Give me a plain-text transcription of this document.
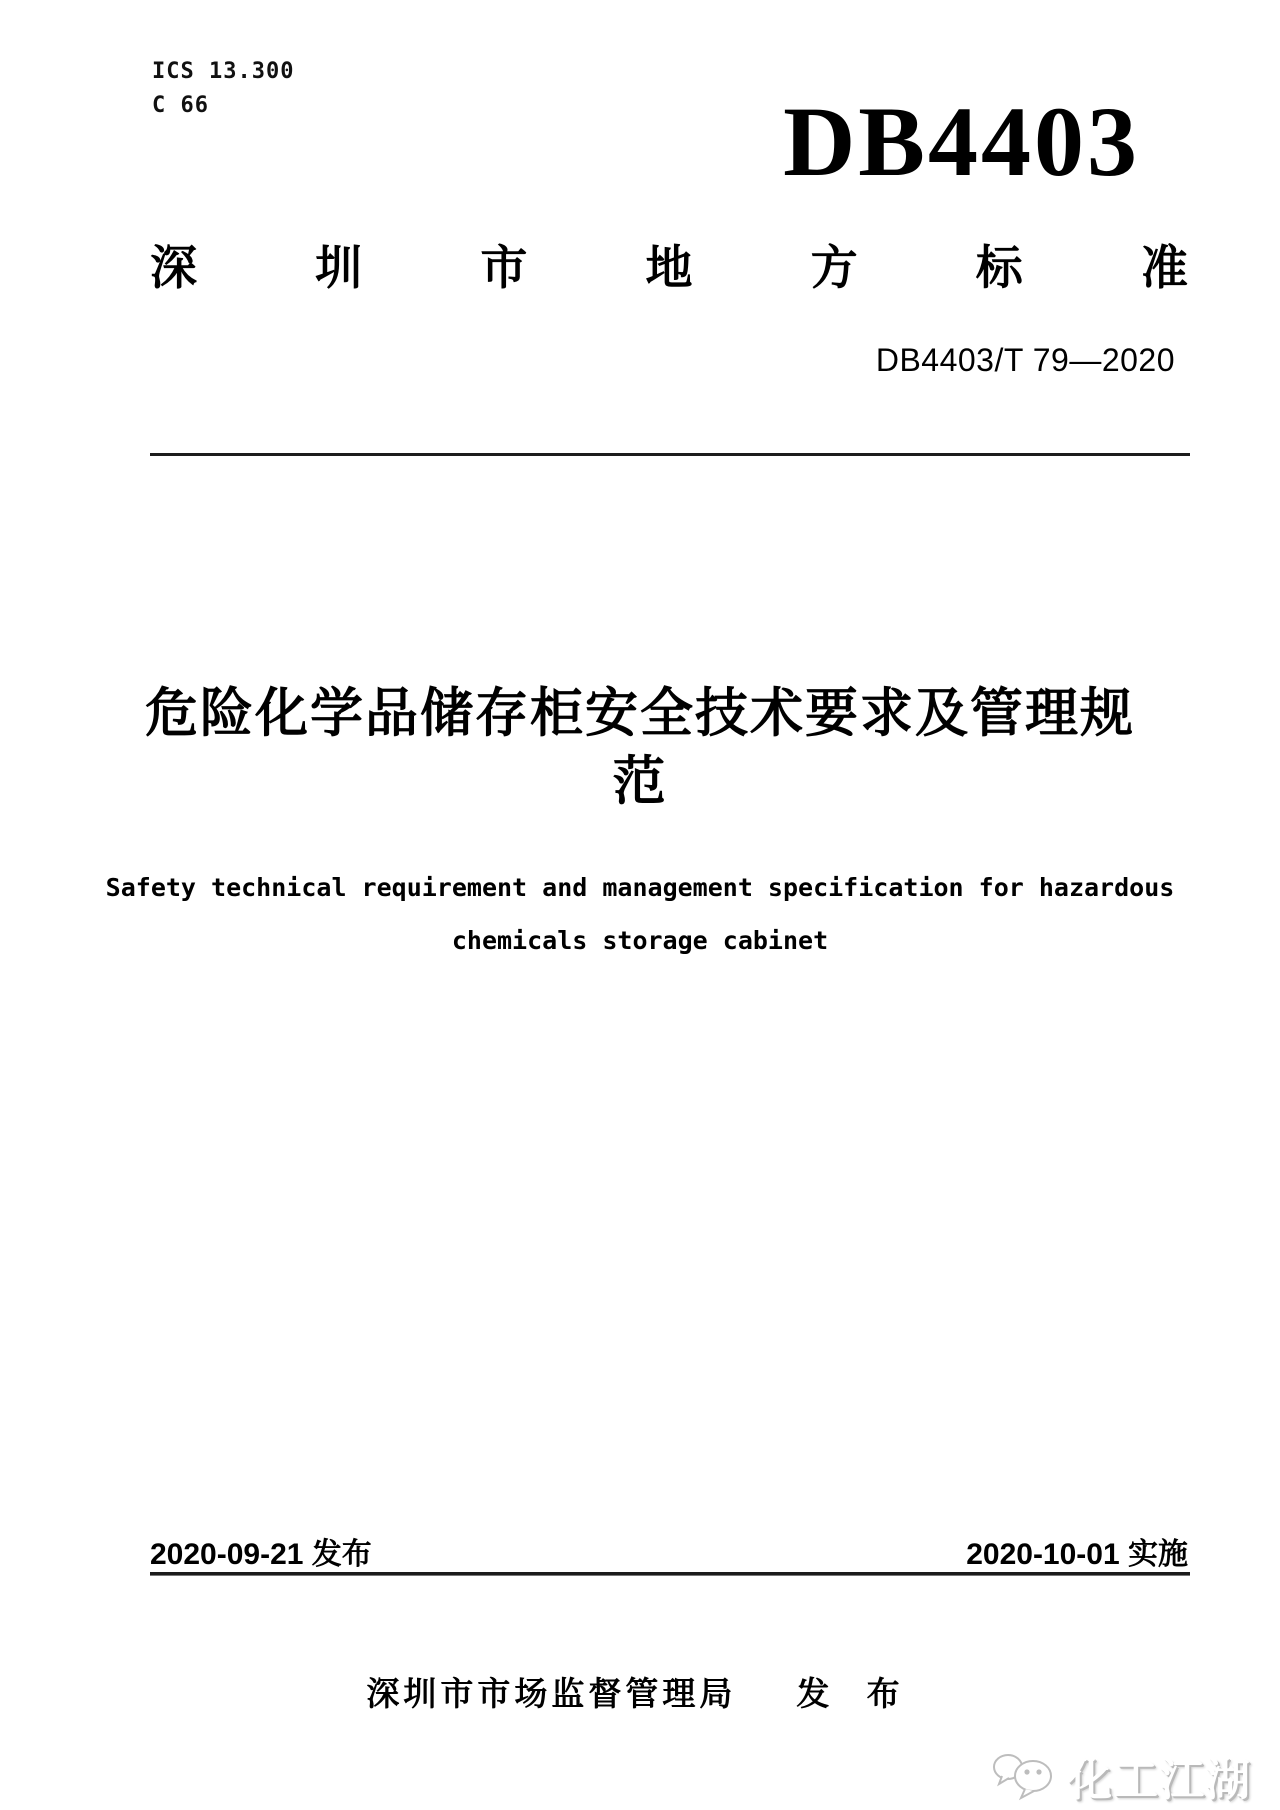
ICS 13.300
C 66	DB4403
深	圳	市	地	方	标	准
DB4403/T 79—2020
危险化学品储存柜安全技术要求及管理规
范
Safety technical requirement and management specification for hazardous
chemicals storage cabinet
2020-09-21 发布	2020-10-01 实施
深圳市市场监督管理局 发 布
化工江湖
